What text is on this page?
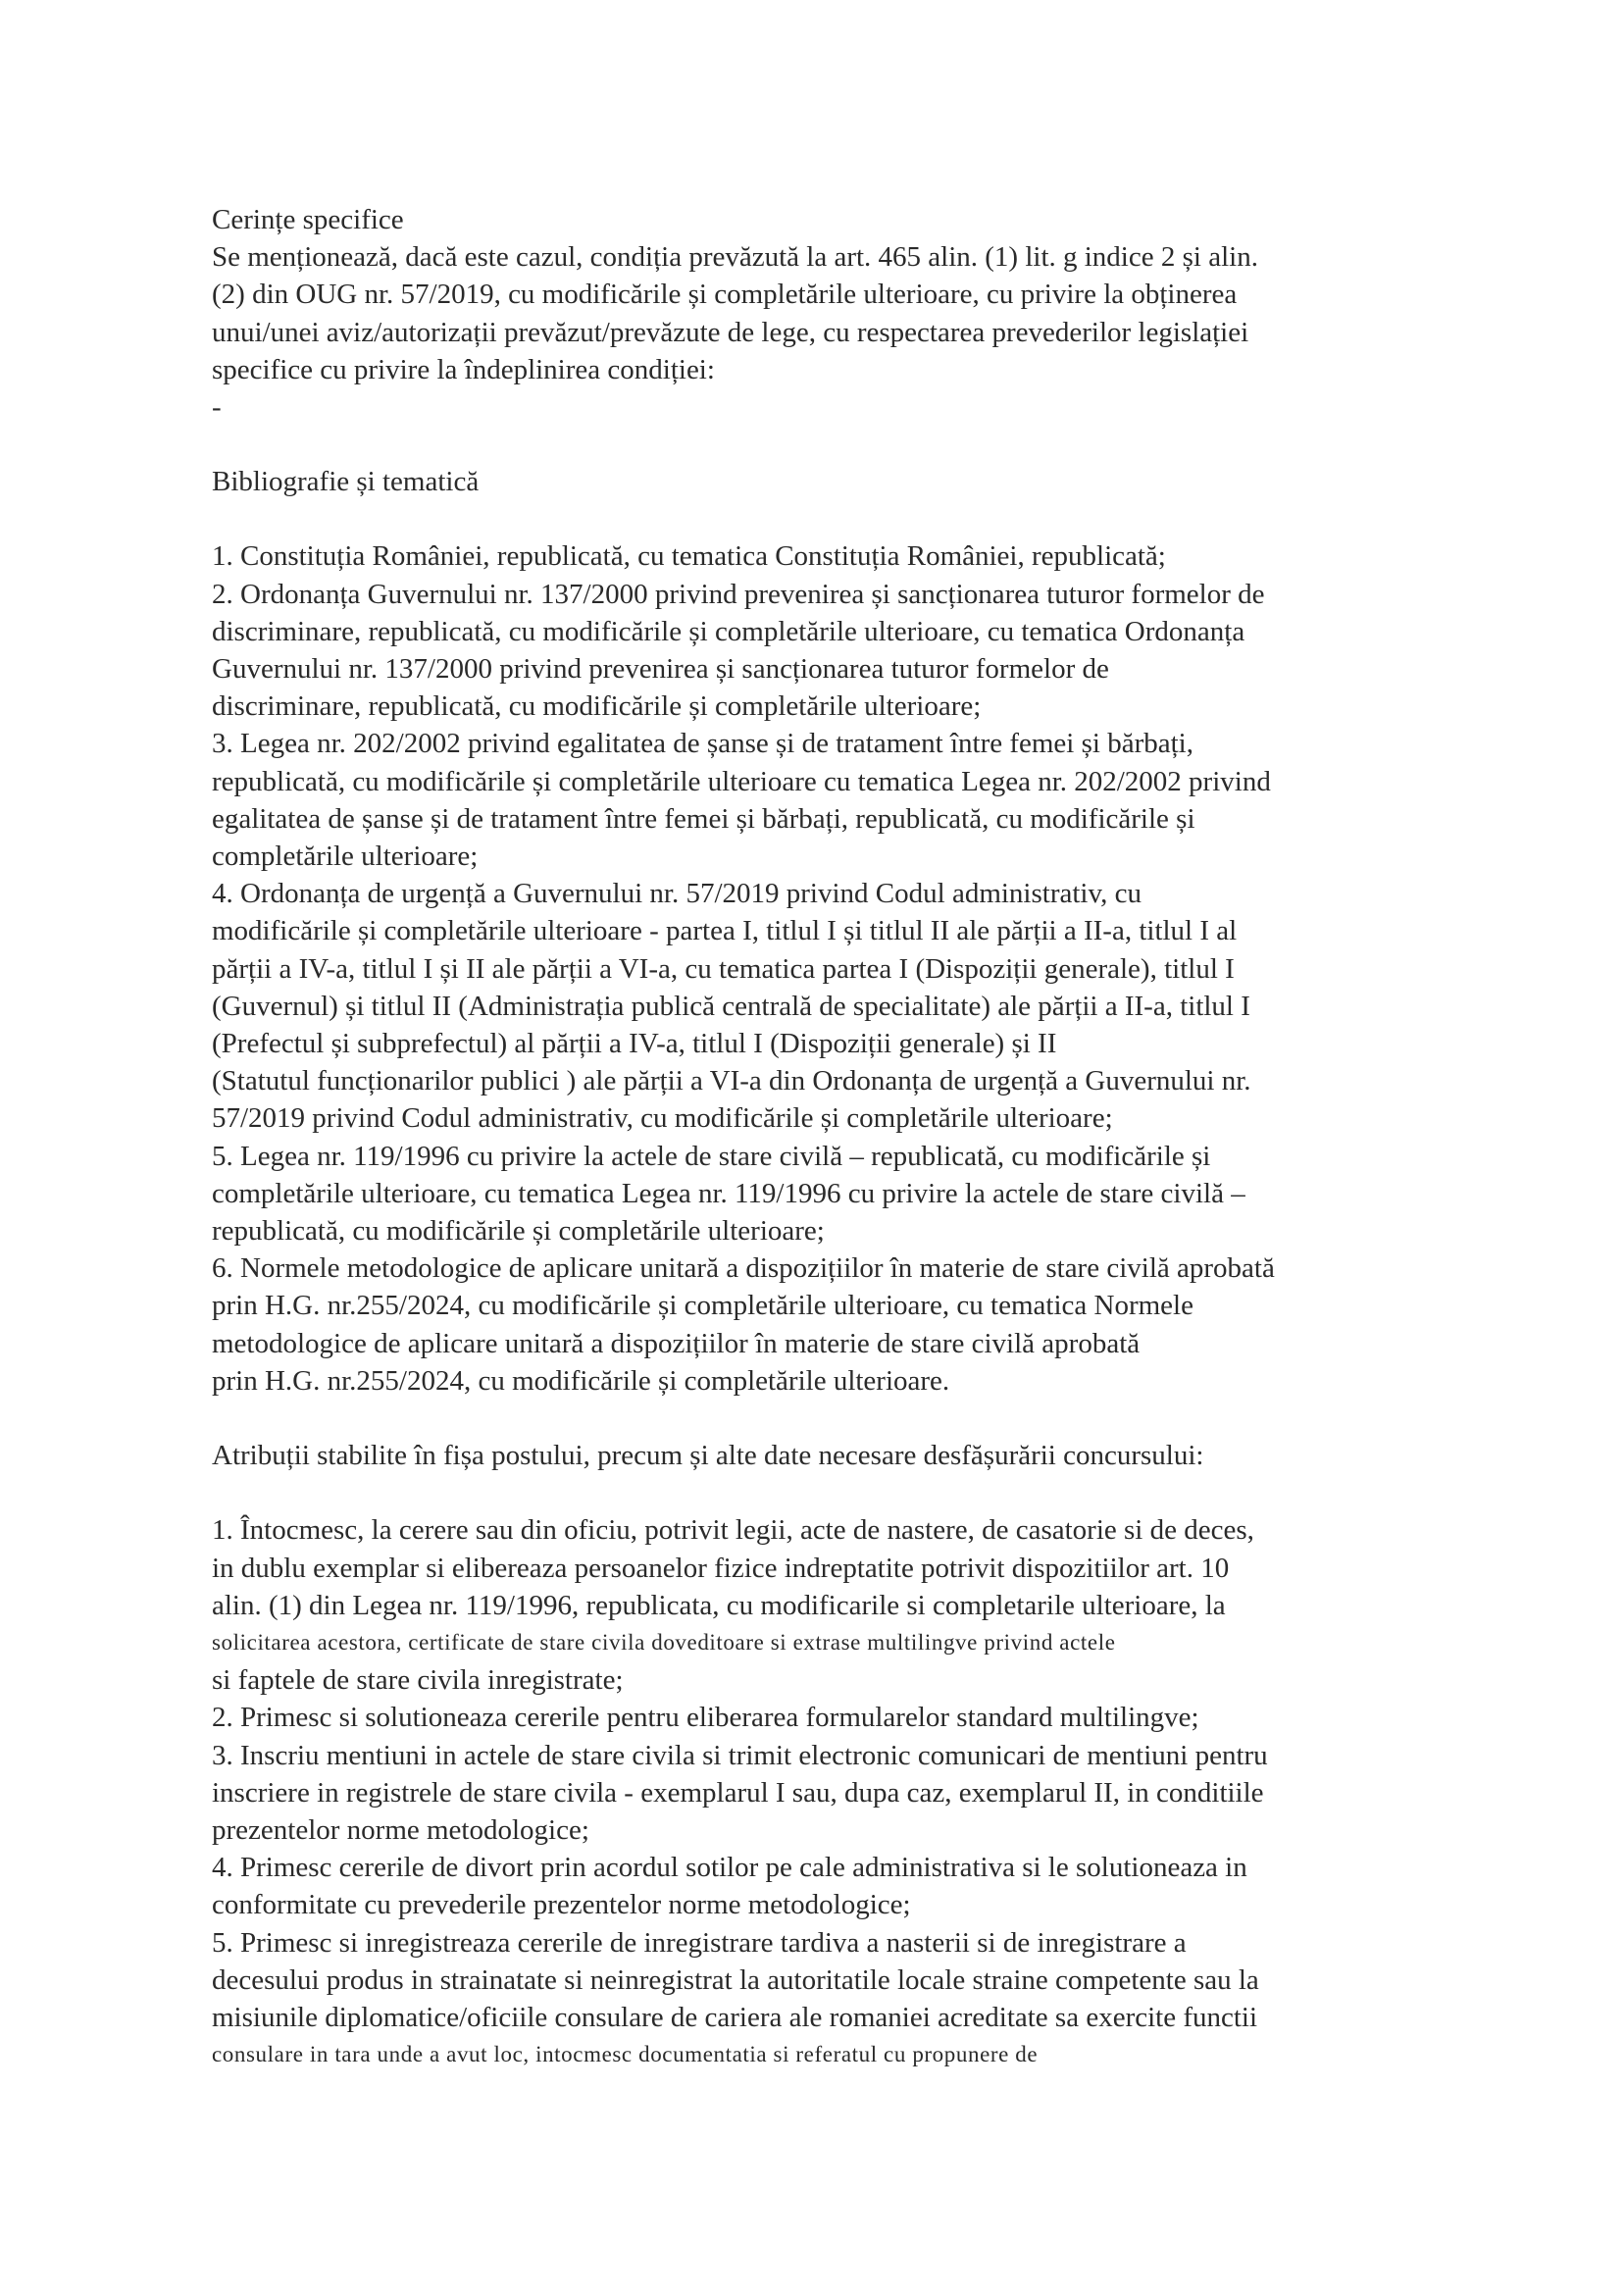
Cerințe specifice
Se menționează, dacă este cazul, condiția prevăzută la art. 465 alin. (1) lit. g indice 2 și alin.
(2) din OUG nr. 57/2019, cu modificările și completările ulterioare, cu privire la obținerea
unui/unei aviz/autorizații prevăzut/prevăzute de lege, cu respectarea prevederilor legislației
specifice cu privire la îndeplinirea condiției:
-
Bibliografie și tematică
1. Constituția României, republicată, cu tematica Constituția României, republicată;
2. Ordonanța Guvernului nr. 137/2000 privind prevenirea și sancționarea tuturor formelor de
discriminare, republicată, cu modificările și completările ulterioare, cu tematica Ordonanța
Guvernului nr. 137/2000 privind prevenirea și sancționarea tuturor formelor de
discriminare, republicată, cu modificările și completările ulterioare;
3. Legea nr. 202/2002 privind egalitatea de șanse și de tratament între femei și bărbați,
republicată, cu modificările și completările ulterioare cu tematica Legea nr. 202/2002 privind
egalitatea de șanse și de tratament între femei și bărbați, republicată, cu modificările și
completările ulterioare;
4. Ordonanța de urgență a Guvernului nr. 57/2019 privind Codul administrativ, cu
modificările și completările ulterioare - partea I, titlul I și titlul II ale părții a II-a, titlul I al
părții a IV-a, titlul I și II ale părții a VI-a, cu tematica partea I (Dispoziții generale), titlul I
(Guvernul) și titlul II (Administrația publică centrală de specialitate) ale părții a II-a, titlul I
(Prefectul și subprefectul) al părții a IV-a, titlul I (Dispoziții generale) și II
(Statutul funcționarilor publici ) ale părții a VI-a din Ordonanța de urgență a Guvernului nr.
57/2019 privind Codul administrativ, cu modificările și completările ulterioare;
5. Legea nr. 119/1996 cu privire la actele de stare civilă – republicată, cu modificările și
completările ulterioare, cu tematica Legea nr. 119/1996 cu privire la actele de stare civilă –
republicată, cu modificările și completările ulterioare;
6. Normele metodologice de aplicare unitară a dispozițiilor în materie de stare civilă aprobată
prin H.G. nr.255/2024, cu modificările și completările ulterioare, cu tematica Normele
metodologice de aplicare unitară a dispozițiilor în materie de stare civilă aprobată
prin H.G. nr.255/2024, cu modificările și completările ulterioare.
Atribuții stabilite în fișa postului, precum și alte date necesare desfășurării concursului:
1. Întocmesc, la cerere sau din oficiu, potrivit legii, acte de nastere, de casatorie si de deces,
in dublu exemplar si elibereaza persoanelor fizice indreptatite potrivit dispozitiilor art. 10
alin. (1) din Legea nr. 119/1996, republicata, cu modificarile si completarile ulterioare, la
solicitarea acestora, certificate de stare civila doveditoare si extrase multilingve privind actele
si faptele de stare civila inregistrate;
2. Primesc si solutioneaza cererile pentru eliberarea formularelor standard multilingve;
3. Inscriu mentiuni in actele de stare civila si trimit electronic comunicari de mentiuni pentru
inscriere in registrele de stare civila - exemplarul I sau, dupa caz, exemplarul II, in conditiile
prezentelor norme metodologice;
4. Primesc cererile de divort prin acordul sotilor pe cale administrativa si le solutioneaza in
conformitate cu prevederile prezentelor norme metodologice;
5. Primesc si inregistreaza cererile de inregistrare tardiva a nasterii si de inregistrare a
decesului produs in strainatate si neinregistrat la autoritatile locale straine competente sau la
misiunile diplomatice/oficiile consulare de cariera ale romaniei acreditate sa exercite functii
consulare in tara unde a avut loc, intocmesc documentatia si referatul cu propunere de
